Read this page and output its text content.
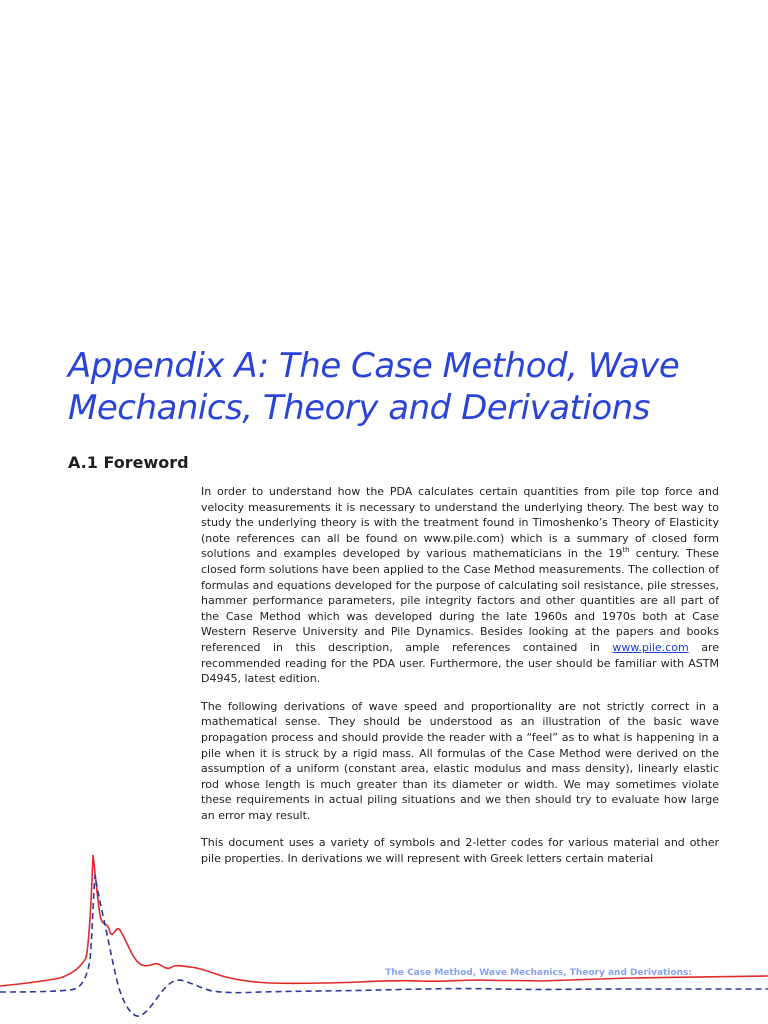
Appendix A: The Case Method, Wave Mechanics, Theory and Derivations
A.1 Foreword

In order to understand how the PDA calculates certain quantities from pile top force and velocity measurements it is necessary to understand the underlying theory. The best way to study the underlying theory is with the treatment found in Timoshenko’s Theory of Elasticity (note references can all be found on www.pile.com) which is a summary of closed form solutions and examples developed by various mathematicians in the 19th century. These closed form solutions have been applied to the Case Method measurements. The collection of formulas and equations developed for the purpose of calculating soil resistance, pile stresses, hammer performance parameters, pile integrity factors and other quantities are all part of the Case Method which was developed during the late 1960s and 1970s both at Case Western Reserve University and Pile Dynamics. Besides looking at the papers and books referenced in this description, ample references contained in www.pile.com are recommended reading for the PDA user. Furthermore, the user should be familiar with ASTM D4945, latest edition.

The following derivations of wave speed and proportionality are not strictly correct in a mathematical sense. They should be understood as an illustration of the basic wave propagation process and should provide the reader with a “feel” as to what is happening in a pile when it is struck by a rigid mass. All formulas of the Case Method were derived on the assumption of a uniform (constant area, elastic modulus and mass density), linearly elastic rod whose length is much greater than its diameter or width. We may sometimes violate these requirements in actual piling situations and we then should try to evaluate how large an error may result.

This document uses a variety of symbols and 2-letter codes for various material and other pile properties. In derivations we will represent with Greek letters certain material

The Case Method, Wave Mechanics, Theory and Derivations:
